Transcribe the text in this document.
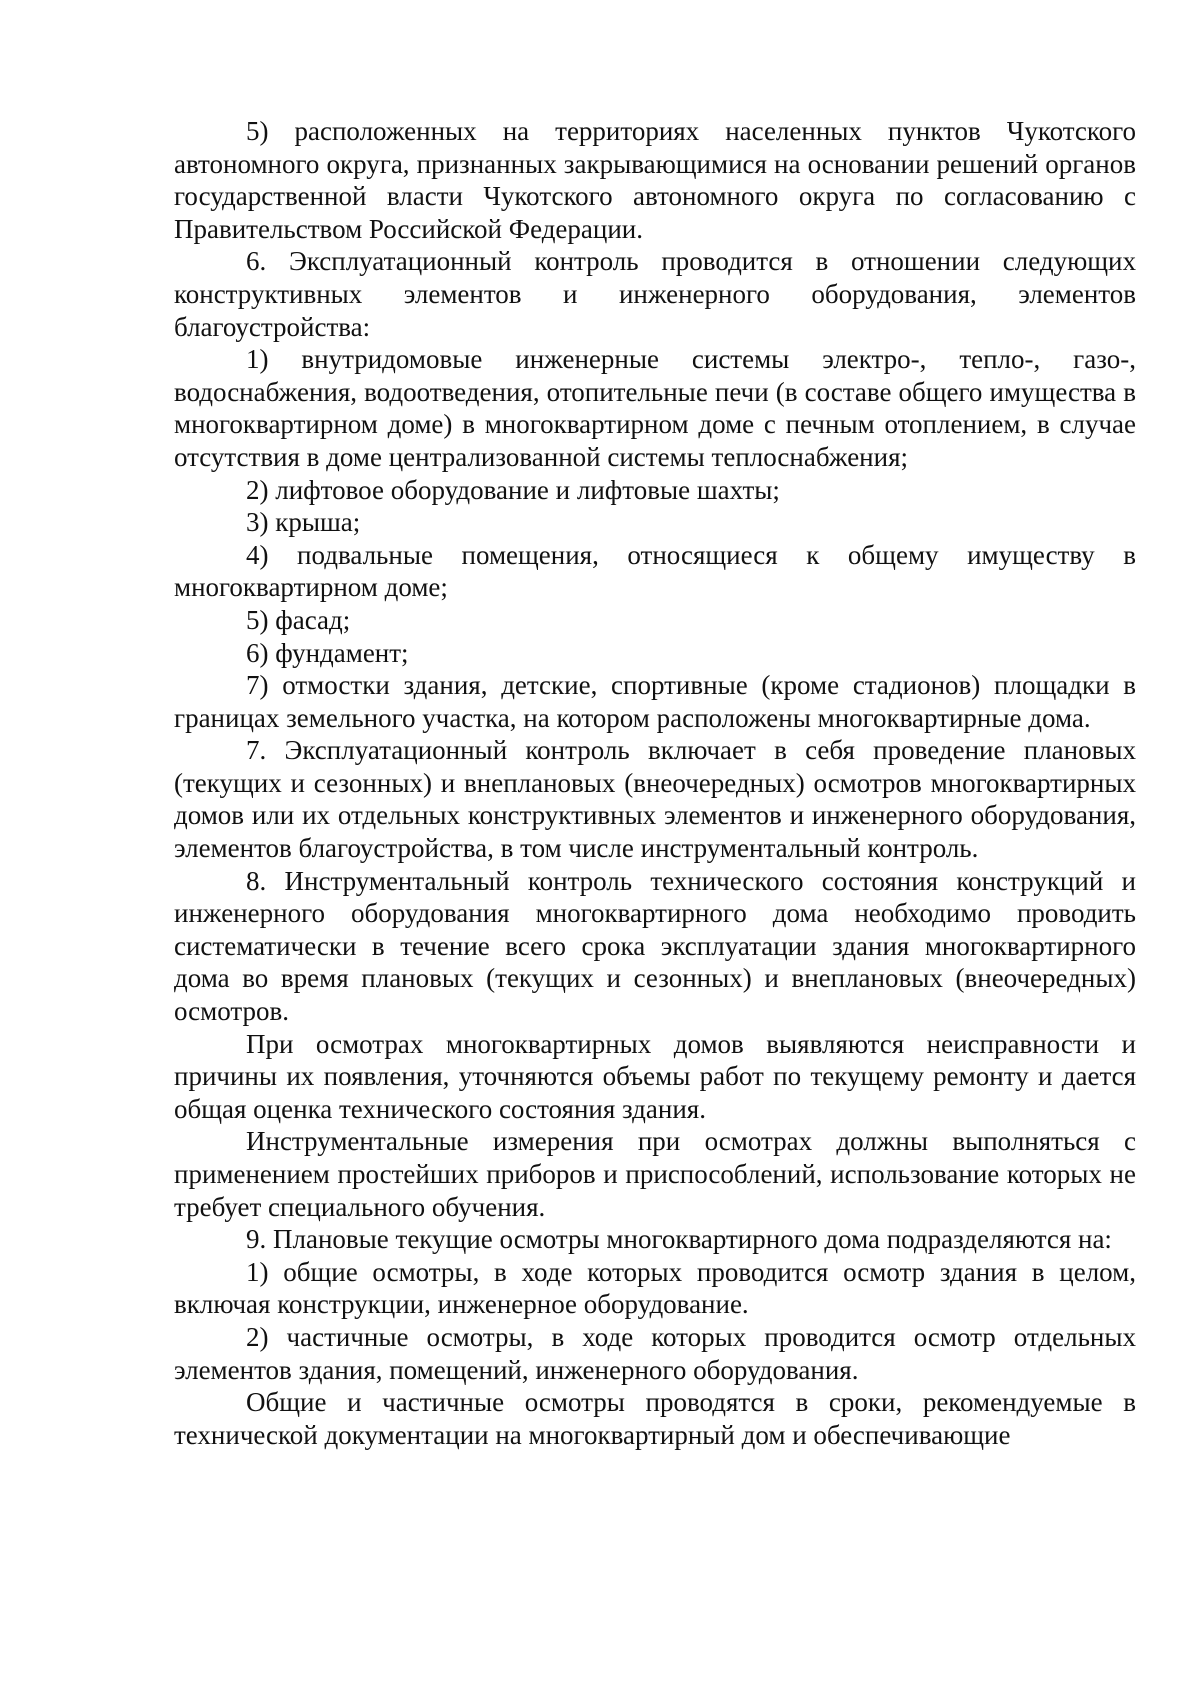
5) расположенных на территориях населенных пунктов Чукотского автономного округа, признанных закрывающимися на основании решений органов государственной власти Чукотского автономного округа по согласованию с Правительством Российской Федерации.

6. Эксплуатационный контроль проводится в отношении следующих конструктивных элементов и инженерного оборудования, элементов благоустройства:

1) внутридомовые инженерные системы электро-, тепло-, газо-, водоснабжения, водоотведения, отопительные печи (в составе общего имущества в многоквартирном доме) в многоквартирном доме с печным отоплением, в случае отсутствия в доме централизованной системы теплоснабжения;

2) лифтовое оборудование и лифтовые шахты;

3) крыша;

4) подвальные помещения, относящиеся к общему имуществу в многоквартирном доме;

5) фасад;

6) фундамент;

7) отмостки здания, детские, спортивные (кроме стадионов) площадки в границах земельного участка, на котором расположены многоквартирные дома.

7. Эксплуатационный контроль включает в себя проведение плановых (текущих и сезонных) и внеплановых (внеочередных) осмотров многоквартирных домов или их отдельных конструктивных элементов и инженерного оборудования, элементов благоустройства, в том числе инструментальный контроль.

8. Инструментальный контроль технического состояния конструкций и инженерного оборудования многоквартирного дома необходимо проводить систематически в течение всего срока эксплуатации здания многоквартирного дома во время плановых (текущих и сезонных) и внеплановых (внеочередных) осмотров.

При осмотрах многоквартирных домов выявляются неисправности и причины их появления, уточняются объемы работ по текущему ремонту и дается общая оценка технического состояния здания.

Инструментальные измерения при осмотрах должны выполняться с применением простейших приборов и приспособлений, использование которых не требует специального обучения.

9. Плановые текущие осмотры многоквартирного дома подразделяются на:

1) общие осмотры, в ходе которых проводится осмотр здания в целом, включая конструкции, инженерное оборудование.

2) частичные осмотры, в ходе которых проводится осмотр отдельных элементов здания, помещений, инженерного оборудования.

Общие и частичные осмотры проводятся в сроки, рекомендуемые в технической документации на многоквартирный дом и обеспечивающие
